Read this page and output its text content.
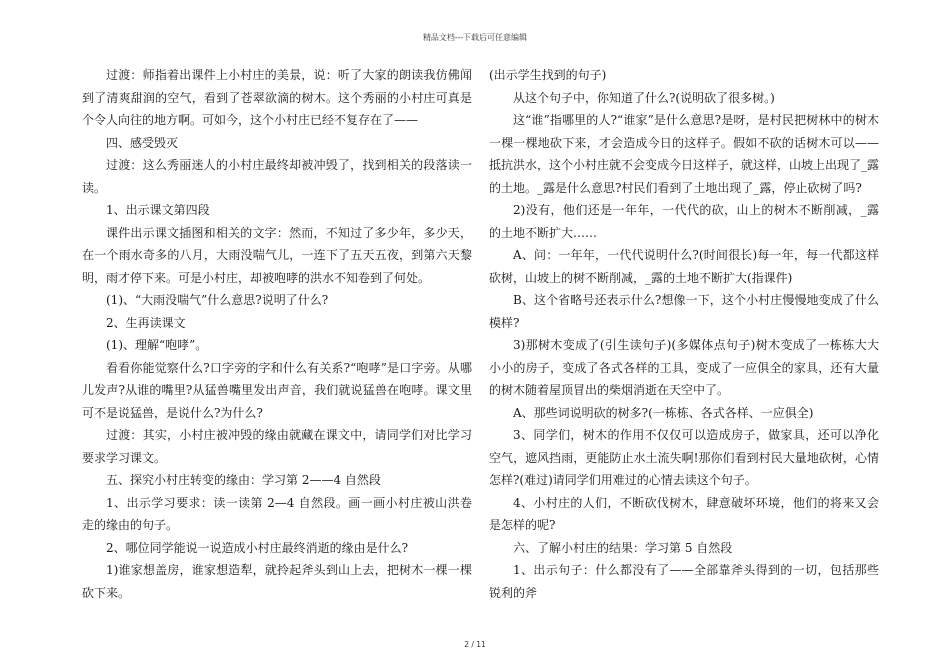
精品文档---下载后可任意编辑

过渡：师指着出课件上小村庄的美景，说：听了大家的朗读我仿佛闻到了清爽甜润的空气，看到了苍翠欲滴的树木。这个秀丽的小村庄可真是个令人向往的地方啊。可如今，这个小村庄已经不复存在了——

四、感受毁灭

过渡：这么秀丽迷人的小村庄最终却被冲毁了，找到相关的段落读一读。

1、出示课文第四段

课件出示课文插图和相关的文字：然而，不知过了多少年，多少天，在一个雨水奇多的八月，大雨没喘气儿，一连下了五天五夜，到第六天黎明，雨才停下来。可是小村庄，却被咆哮的洪水不知卷到了何处。

(1)、“大雨没喘气”什么意思?说明了什么?

2、生再读课文

(1)、理解“咆哮”。

看看你能觉察什么?口字旁的字和什么有关系?“咆哮”是口字旁。从哪儿发声?从谁的嘴里?从猛兽嘴里发出声音，我们就说猛兽在咆哮。课文里可不是说猛兽，是说什么?为什么?

过渡：其实，小村庄被冲毁的缘由就藏在课文中，请同学们对比学习要求学习课文。

五、探究小村庄转变的缘由：学习第 2——4 自然段

1、出示学习要求：读一读第 2—4 自然段。画一画小村庄被山洪卷走的缘由的句子。

2、哪位同学能说一说造成小村庄最终消逝的缘由是什么?

1)谁家想盖房，谁家想造犁，就拎起斧头到山上去，把树木一棵一棵砍下来。

(出示学生找到的句子)

从这个句子中，你知道了什么?(说明砍了很多树。)

这“谁”指哪里的人?“谁家”是什么意思?是呀，是村民把树林中的树木一棵一棵地砍下来，才会造成今日的这样子。假如不砍的话树木可以——抵抗洪水，这个小村庄就不会变成今日这样子，就这样，山坡上出现了_露的土地。_露是什么意思?村民们看到了土地出现了_露，停止砍树了吗?

2)没有，他们还是一年年，一代代的砍，山上的树木不断削减，_露的土地不断扩大……

A、问：一年年，一代代说明什么?(时间很长)每一年，每一代都这样砍树，山坡上的树不断削减，_露的土地不断扩大(指课件)

B、这个省略号还表示什么?想像一下，这个小村庄慢慢地变成了什么模样?

3)那树木变成了(引生读句子)(多媒体点句子)树木变成了一栋栋大大小小的房子，变成了各式各样的工具，变成了一应俱全的家具，还有大量的树木随着屋顶冒出的柴烟消逝在天空中了。

A、那些词说明砍的树多?(一栋栋、各式各样、一应俱全)

3、同学们，树木的作用不仅仅可以造成房子，做家具，还可以净化空气，遮风挡雨，更能防止水土流失啊!那你们看到村民大量地砍树，心情怎样?(难过)请同学们用难过的心情去读这个句子。

4、小村庄的人们，不断砍伐树木，肆意破坏环境，他们的将来又会是怎样的呢?

六、了解小村庄的结果：学习第 5 自然段

1、出示句子：什么都没有了——全部靠斧头得到的一切，包括那些锐利的斧

2 / 11
